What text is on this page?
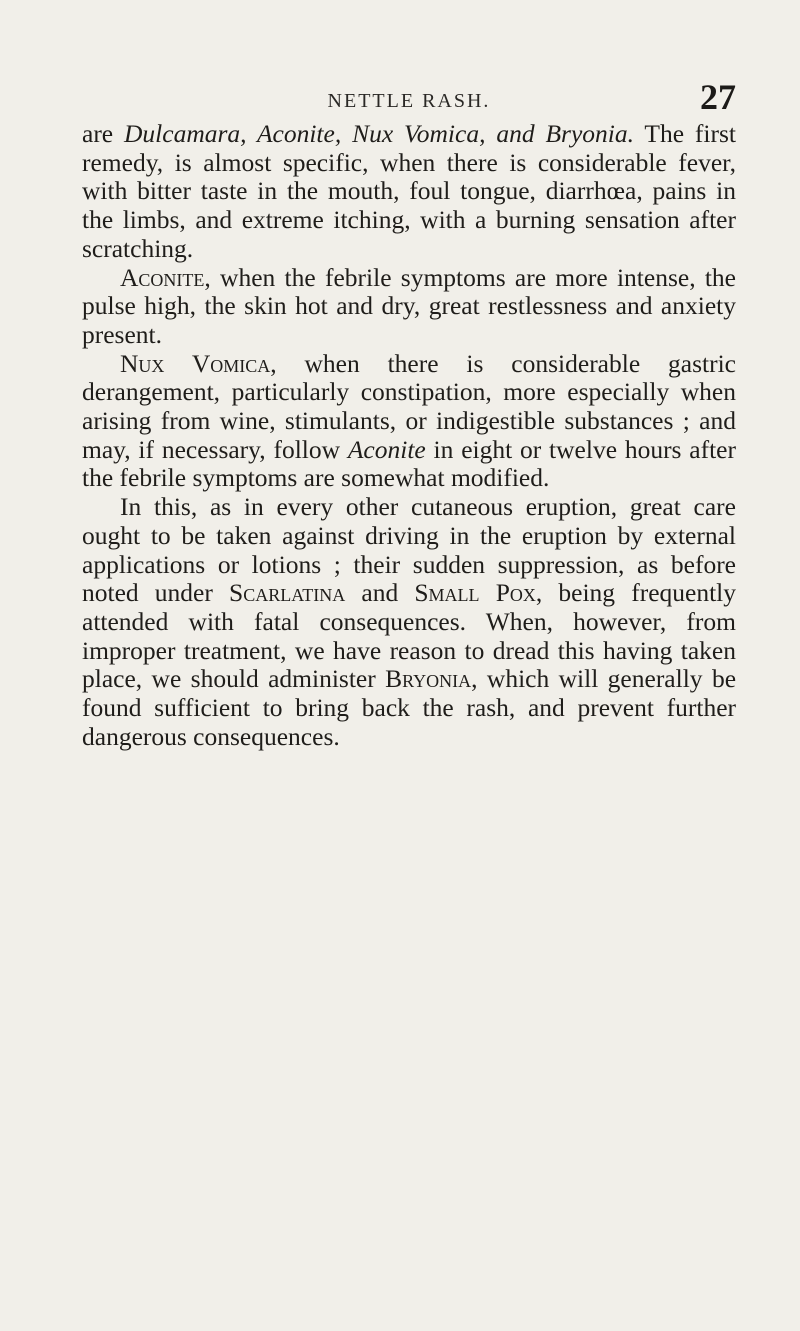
NETTLE RASH.	27

are Dulcamara, Aconite, Nux Vomica, and Bryonia. The first remedy, is almost specific, when there is considerable fever, with bitter taste in the mouth, foul tongue, diarrhœa, pains in the limbs, and extreme itching, with a burning sensation after scratching.

Aconite, when the febrile symptoms are more intense, the pulse high, the skin hot and dry, great restlessness and anxiety present.

Nux Vomica, when there is considerable gastric derangement, particularly constipation, more especially when arising from wine, stimulants, or indigestible substances ; and may, if necessary, follow Aconite in eight or twelve hours after the febrile symptoms are somewhat modified.

In this, as in every other cutaneous eruption, great care ought to be taken against driving in the eruption by external applications or lotions ; their sudden suppression, as before noted under Scarlatina and Small Pox, being frequently attended with fatal consequences. When, however, from improper treatment, we have reason to dread this having taken place, we should administer Bryonia, which will generally be found sufficient to bring back the rash, and prevent further dangerous consequences.
